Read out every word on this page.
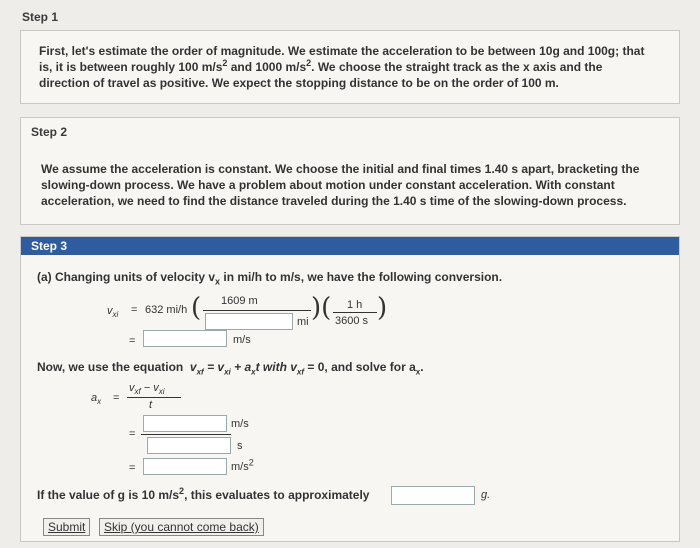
Step 1
First, let's estimate the order of magnitude. We estimate the acceleration to be between 10g and 100g; that
is, it is between roughly 100 $m/s^2$ and 1000 $m/s^2$. We choose the straight track as the x axis and the
direction of travel as positive. We expect the stopping distance to be on the order of 100 m.
Step 2
We assume the acceleration is constant. We choose the initial and final times 1.40 s apart, bracketing the
slowing-down process. We have a problem about motion under constant acceleration. With constant
acceleration, we need to find the distance traveled during the 1.40 s time of the slowing-down process.
Step 3
(a) Changing units of velocity $v_x$ in mi/h to m/s, we have the following conversion.
$v_{xi} = 632$ mi/h ( 1609 m
mi )( 1 h
3600 s )
=	m/s
Now, we use the equation $v_{xf} = v_{xi} + a_xt$ with $v_{xf} = 0$, and solve for $a_x$.
$a_x$ =
$v_{xf} - v_{xi}$
t
m/s
=
s
=	$m/s^2$
If the value of g is 10 $m/s^2$, this evaluates to approximately	g.
Submit	Skip (you cannot come back)
